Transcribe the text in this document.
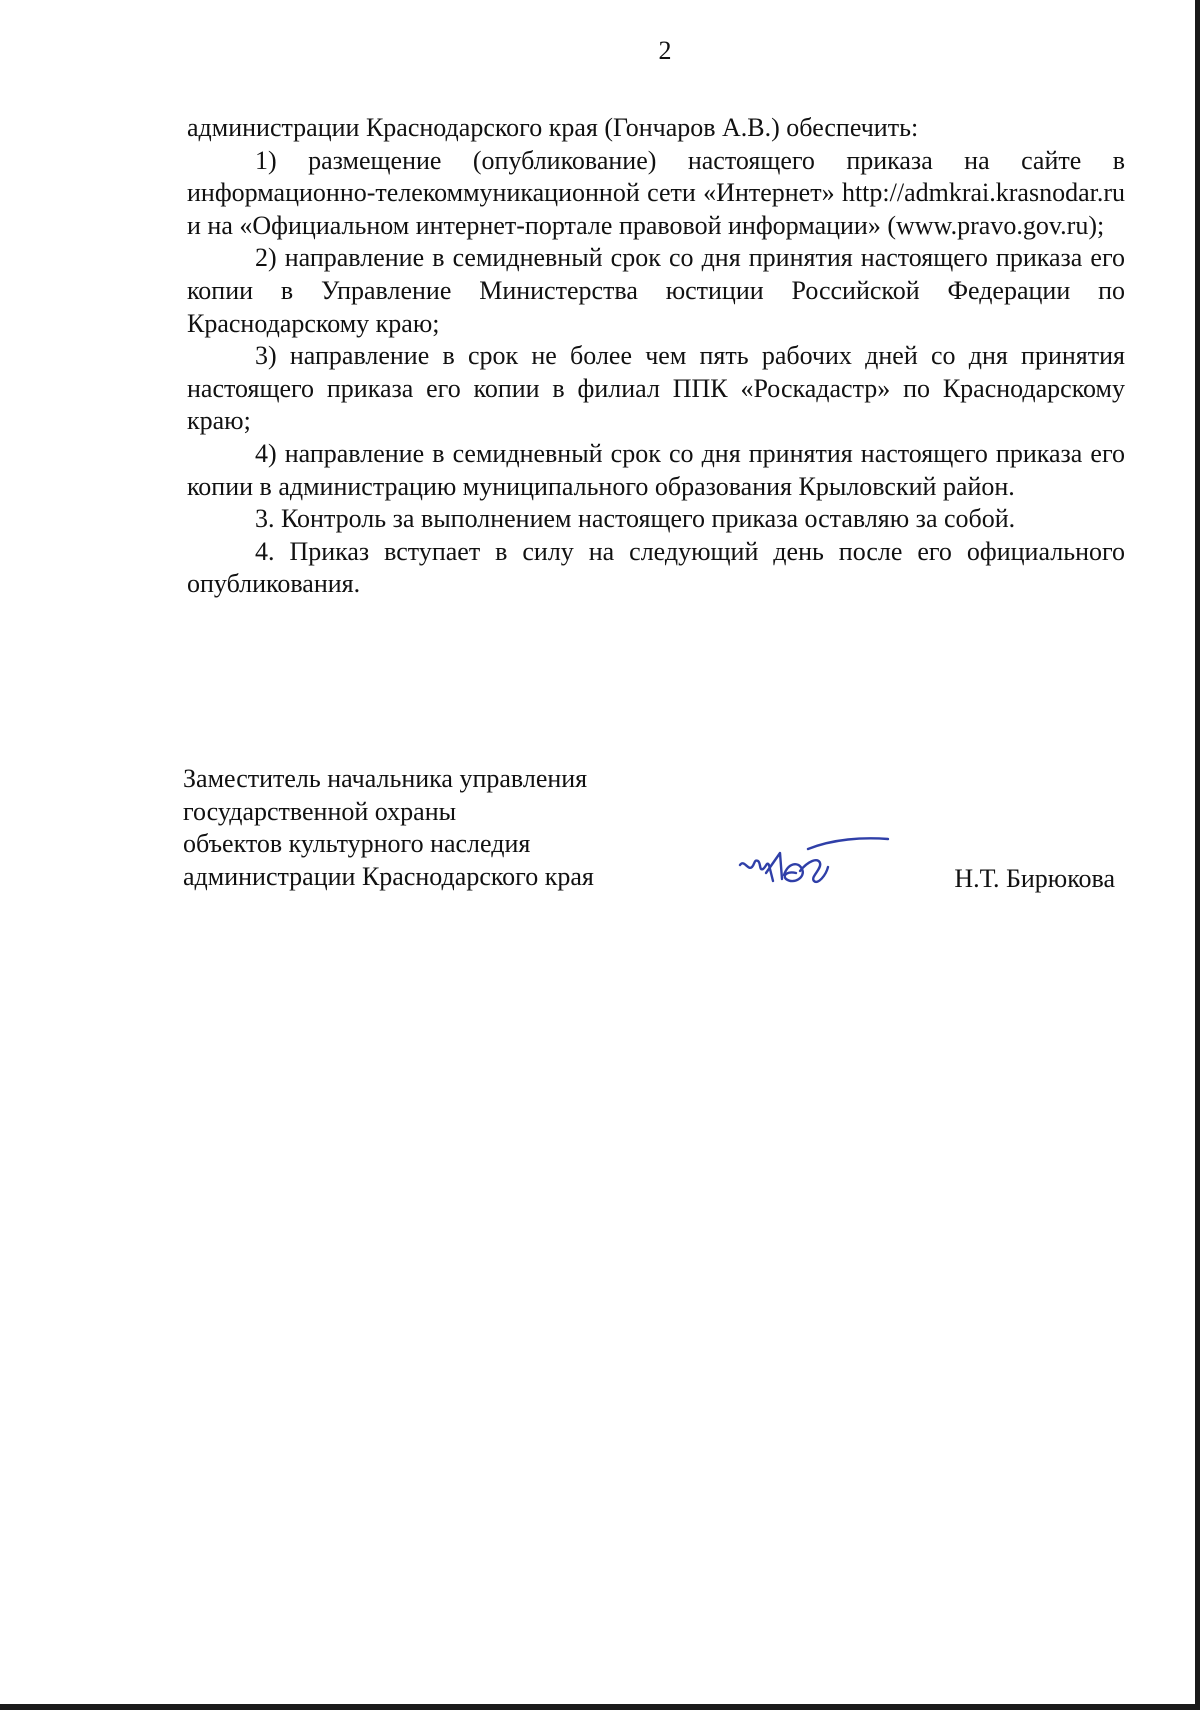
2

администрации Краснодарского края (Гончаров А.В.) обеспечить:

1) размещение (опубликование) настоящего приказа на сайте в информационно-телекоммуникационной сети «Интернет» http://admkrai.krasnodar.ru и на «Официальном интернет-портале правовой информации» (www.pravo.gov.ru);

2) направление в семидневный срок со дня принятия настоящего приказа его копии в Управление Министерства юстиции Российской Федерации по Краснодарскому краю;

3) направление в срок не более чем пять рабочих дней со дня принятия настоящего приказа его копии в филиал ППК «Роскадастр» по Краснодарскому краю;

4) направление в семидневный срок со дня принятия настоящего приказа его копии в администрацию муниципального образования Крыловский район.

3. Контроль за выполнением настоящего приказа оставляю за собой.

4. Приказ вступает в силу на следующий день после его официального опубликования.

Заместитель начальника управления
государственной охраны
объектов культурного наследия
администрации Краснодарского края	Н.Т. Бирюкова
